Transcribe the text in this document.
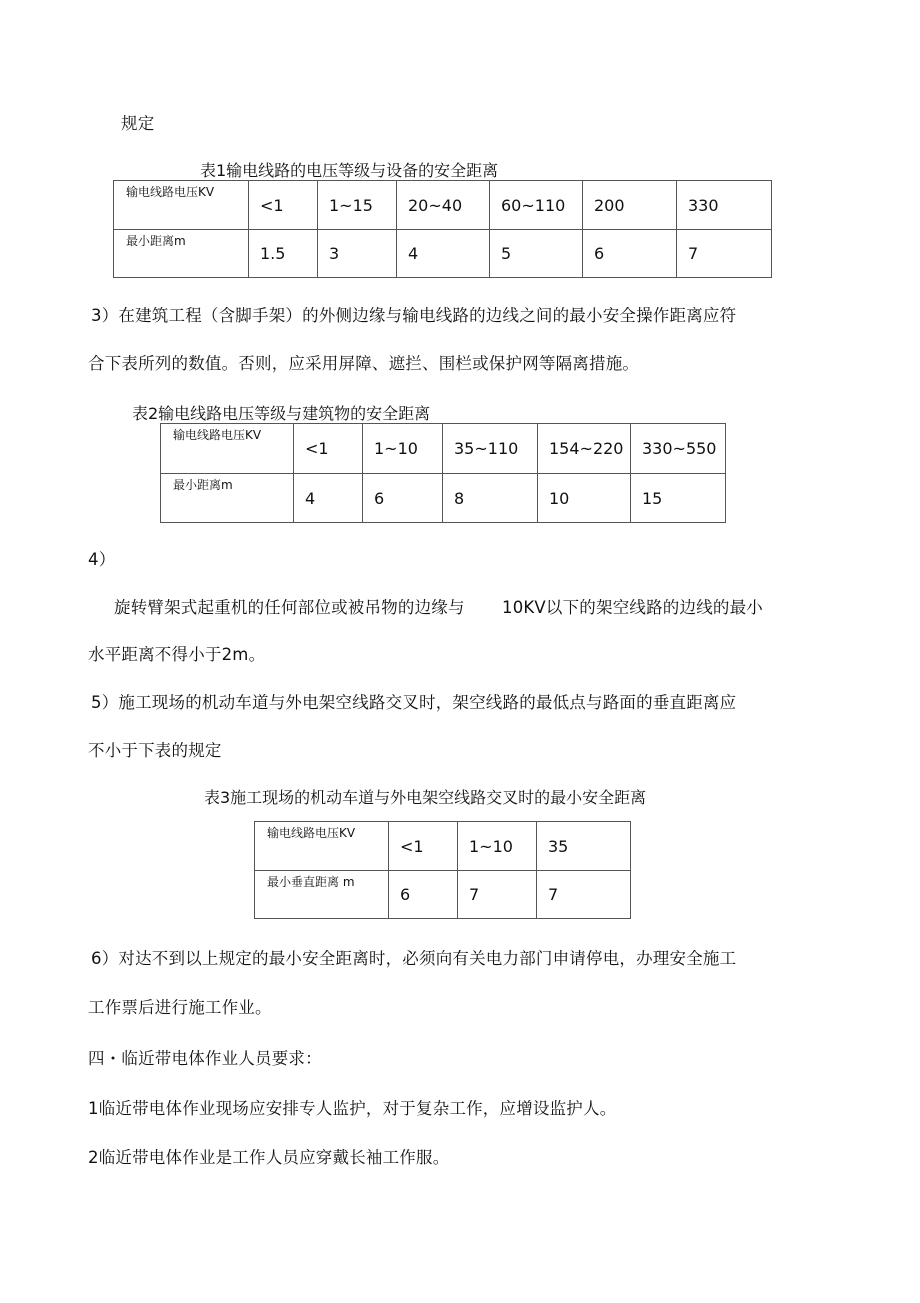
规定
表1输电线路的电压等级与设备的安全距离
输电线路电压KV	<1	1~15	20~40	60~110	200	330
最小距离m	1.5	3	4	5	6	7
3）在建筑工程（含脚手架）的外侧边缘与输电线路的边线之间的最小安全操作距离应符
合下表所列的数值。否则，应采用屏障、遮拦、围栏或保护网等隔离措施。
表2输电线路电压等级与建筑物的安全距离
输电线路电压KV	<1	1~10	35~110	154~220	330~550
最小距离m	4	6	8	10	15
4）
旋转臂架式起重机的任何部位或被吊物的边缘与 10KV以下的架空线路的边线的最小
水平距离不得小于2m。
5）施工现场的机动车道与外电架空线路交叉时，架空线路的最低点与路面的垂直距离应
不小于下表的规定
表3施工现场的机动车道与外电架空线路交叉时的最小安全距离
输电线路电压KV	<1	1~10	35
最小垂直距离 m	6	7	7
6）对达不到以上规定的最小安全距离时，必须向有关电力部门申请停电，办理安全施工
工作票后进行施工作业。
四・临近带电体作业人员要求：
1临近带电体作业现场应安排专人监护，对于复杂工作，应增设监护人。
2临近带电体作业是工作人员应穿戴长袖工作服。
